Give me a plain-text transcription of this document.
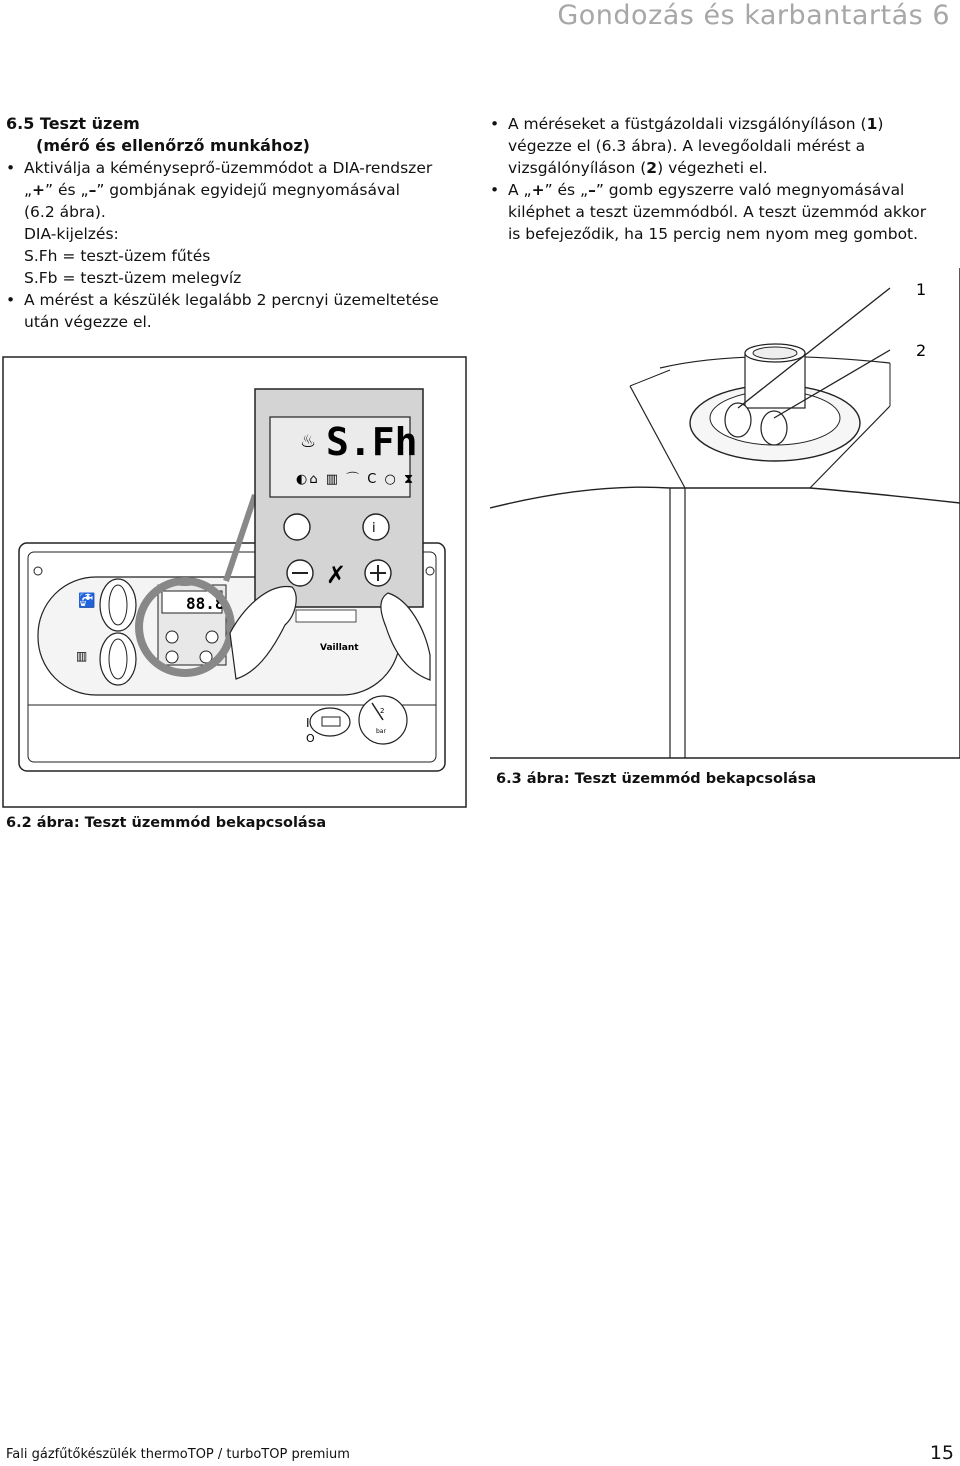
Gondozás és karbantartás 6
6.5 Teszt üzem
(mérő és ellenőrző munkához)
• Aktiválja a kéményseprő-üzemmódot a DIA-rendszer
„+” és „–” gombjának egyidejű megnyomásával
(6.2 ábra).
DIA-kijelzés:
S.Fh = teszt-üzem fűtés
S.Fb = teszt-üzem melegvíz
• A mérést a készülék legalább 2 percnyi üzemeltetése
után végezze el.
• A méréseket a füstgázoldali vizsgálónyíláson (1)
végezze el (6.3 ábra). A levegőoldali mérést a
vizsgálónyíláson (2) végezheti el.
• A „+” és „–” gomb egyszerre való megnyomásával
kiléphet a teszt üzemmódból. A teszt üzemmód akkor
is befejeződik, ha 15 percig nem nyom meg gombot.
🚰
▥
88.8
Vaillant
I
O
2
bar
♨ S.Fh
◐⌂ ▥ ⌒ C ○ ⧗
i
✗
6.2 ábra: Teszt üzemmód bekapcsolása
1
2
6.3 ábra: Teszt üzemmód bekapcsolása
Fali gázfűtőkészülék thermoTOP / turboTOP premium	15
